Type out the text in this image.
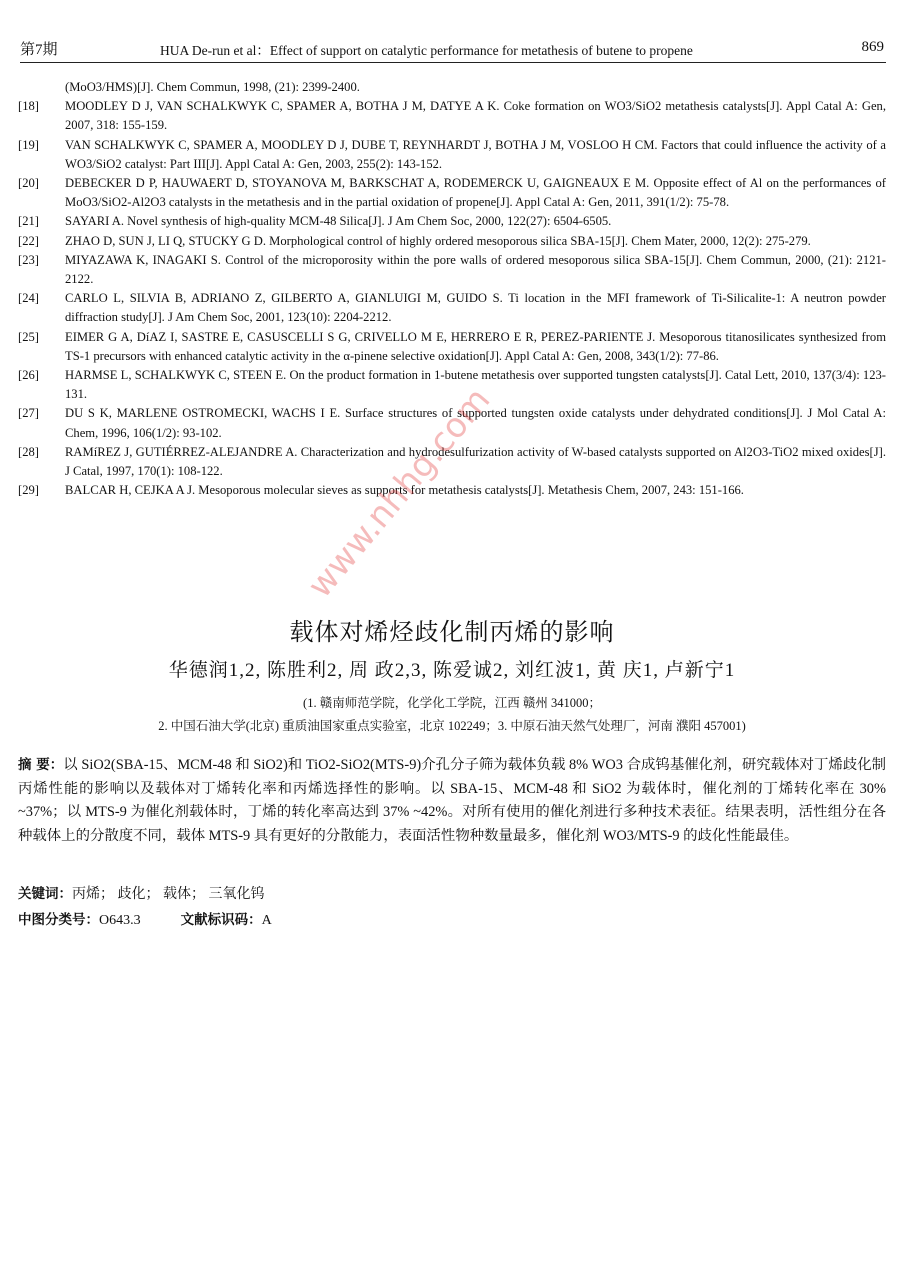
第7期	HUA De-run et al：Effect of support on catalytic performance for metathesis of butene to propene	869
(MoO3/HMS)[J]. Chem Commun, 1998, (21): 2399-2400.
[18]	MOODLEY D J, VAN SCHALKWYK C, SPAMER A, BOTHA J M, DATYE A K. Coke formation on WO3/SiO2 metathesis catalysts[J]. Appl Catal A: Gen, 2007, 318: 155-159.
[19]	VAN SCHALKWYK C, SPAMER A, MOODLEY D J, DUBE T, REYNHARDT J, BOTHA J M, VOSLOO H CM. Factors that could influence the activity of a WO3/SiO2 catalyst: Part III[J]. Appl Catal A: Gen, 2003, 255(2): 143-152.
[20]	DEBECKER D P, HAUWAERT D, STOYANOVA M, BARKSCHAT A, RODEMERCK U, GAIGNEAUX E M. Opposite effect of Al on the performances of MoO3/SiO2-Al2O3 catalysts in the metathesis and in the partial oxidation of propene[J]. Appl Catal A: Gen, 2011, 391(1/2): 75-78.
[21]	SAYARI A. Novel synthesis of high-quality MCM-48 Silica[J]. J Am Chem Soc, 2000, 122(27): 6504-6505.
[22]	ZHAO D, SUN J, LI Q, STUCKY G D. Morphological control of highly ordered mesoporous silica SBA-15[J]. Chem Mater, 2000, 12(2): 275-279.
[23]	MIYAZAWA K, INAGAKI S. Control of the microporosity within the pore walls of ordered mesoporous silica SBA-15[J]. Chem Commun, 2000, (21): 2121-2122.
[24]	CARLO L, SILVIA B, ADRIANO Z, GILBERTO A, GIANLUIGI M, GUIDO S. Ti location in the MFI framework of Ti-Silicalite-1: A neutron powder diffraction study[J]. J Am Chem Soc, 2001, 123(10): 2204-2212.
[25]	EIMER G A, DíAZ I, SASTRE E, CASUSCELLI S G, CRIVELLO M E, HERRERO E R, PEREZ-PARIENTE J. Mesoporous titanosilicates synthesized from TS-1 precursors with enhanced catalytic activity in the α-pinene selective oxidation[J]. Appl Catal A: Gen, 2008, 343(1/2): 77-86.
[26]	HARMSE L, SCHALKWYK C, STEEN E. On the product formation in 1-butene metathesis over supported tungsten catalysts[J]. Catal Lett, 2010, 137(3/4): 123-131.
[27]	DU S K, MARLENE OSTROMECKI, WACHS I E. Surface structures of supported tungsten oxide catalysts under dehydrated conditions[J]. J Mol Catal A: Chem, 1996, 106(1/2): 93-102.
[28]	RAMíREZ J, GUTIÉRREZ-ALEJANDRE A. Characterization and hydrodesulfurization activity of W-based catalysts supported on Al2O3-TiO2 mixed oxides[J]. J Catal, 1997, 170(1): 108-122.
[29]	BALCAR H, CEJKA A J. Mesoporous molecular sieves as supports for metathesis catalysts[J]. Metathesis Chem, 2007, 243: 151-166.
载体对烯烃歧化制丙烯的影响
华德润1,2, 陈胜利2, 周 政2,3, 陈爱诚2, 刘红波1, 黄 庆1, 卢新宁1
(1. 赣南师范学院，化学化工学院，江西 赣州 341000；
2. 中国石油大学(北京) 重质油国家重点实验室，北京 102249；3. 中原石油天然气处理厂，河南 濮阳 457001)
摘 要：以 SiO2(SBA-15、MCM-48 和 SiO2)和 TiO2-SiO2(MTS-9)介孔分子筛为载体负载 8% WO3 合成钨基催化剂，研究载体对丁烯歧化制丙烯性能的影响以及载体对丁烯转化率和丙烯选择性的影响。以 SBA-15、MCM-48 和 SiO2 为载体时，催化剂的丁烯转化率在 30% ~37%；以 MTS-9 为催化剂载体时，丁烯的转化率高达到 37% ~42%。对所有使用的催化剂进行多种技术表征。结果表明，活性组分在各种载体上的分散度不同，载体 MTS-9 具有更好的分散能力，表面活性物种数量最多，催化剂 WO3/MTS-9 的歧化性能最佳。
关键词：丙烯； 歧化； 载体； 三氧化钨
中图分类号：O643.3	文献标识码：A
www.nhhg.com
